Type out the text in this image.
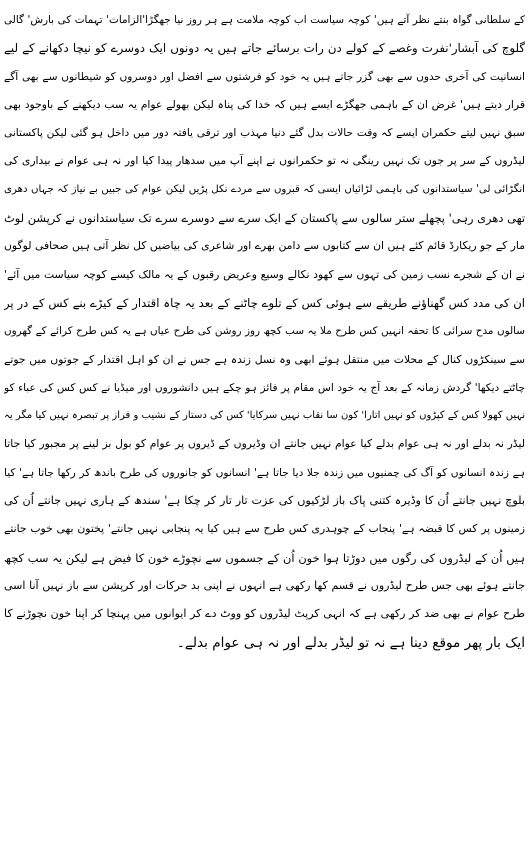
کے سلطانی گواہ بنتے نظر آتے ہیں' کوچہ سیاست اب کوچہ ملامت ہے ہر روز نیا جھگڑا'الزامات' تہمات کی بارش' گالی
گلوچ کی آبشار'نفرت وغصے کے کولے دن رات برسائے جاتے ہیں یہ دونوں ایک دوسرے کو نیچا دکھانے کے لیے
انسانیت کی آخری حدوں سے بھی گزر جاتے ہیں یہ خود کو فرشتوں سے افضل اور دوسروں کو شیطانوں سے بھی آگے
قرار دیتے ہیں' غرض ان کے باہمی جھگڑے ایسے ہیں کہ خدا کی پناہ لیکن بھولے عوام یہ سب دیکھنے کے باوجود بھی
سبق نہیں لیتے حکمران ایسے کہ وقت حالات بدل گئے دنیا مہذب اور ترقی یافتہ دور میں داخل ہو گئی لیکن پاکستانی
لیڈروں کے سر پر جوں تک نہیں رینگی نہ تو حکمرانوں نے اپنے آپ میں سدھار پیدا کیا اور نہ ہی عوام نے بیداری کی
انگڑائی لی' سیاستدانوں کی باہمی لڑائیاں ایسی کہ قبروں سے مردے نکل پڑیں لیکن عوام کی جبیں بے نیاز کہ جہاں دھری
تھی دھری رہی' پچھلے ستر سالوں سے پاکستان کے ایک سرے سے دوسرے سرے تک سیاستدانوں نے کرپشن لوٹ
مار کے جو ریکارڈ قائم کئے ہیں ان سے کتابوں سے دامن بھرے اور شاعری کی بیاضیں کل نظر آتی ہیں صحافی لوگوں
نے ان کے شجرے نسب زمین کی تہوں سے کھود نکالے وسیع وعریض رقبوں کے یہ مالک کیسے کوچہ سیاست میں آئے'
ان کی مدد کس گھناؤنے طریقے سے ہوئی کس کے تلوے چاٹنے کے بعد یہ چاہ اقتدار کے کیڑے بنے کس کے در پر
سالوں مدح سرائی کا تحفہ انہیں کس طرح ملا یہ سب کچھ روز روشن کی طرح عیاں ہے یہ کس طرح کرائے کے گھروں
سے سینکڑوں کنال کے محلات میں منتقل ہوئے ابھی وہ نسل زندہ ہے جس نے ان کو اہل اقتدار کے جوتوں میں جوتے
چاٹتے دیکھا' گردش زمانہ کے بعد آج یہ خود اس مقام پر فائز ہو چکے ہیں دانشوروں اور میڈیا نے کس کس کی عباء کو
نہیں کھولا کس کے کپڑوں کو نہیں اتارا' کون سا نقاب نہیں سرکایا' کس کی دستار کے نشیب و فراز پر تبصرہ نہیں کیا مگر یہ
لیڈر نہ بدلے اور نہ ہی عوام بدلے کیا عوام نہیں جانتے ان وڈیروں کے ڈیروں پر عوام کو بول بز لینے پر مجبور کیا جاتا
ہے زندہ انسانوں کو آگ کی چمنیوں میں زندہ جلا دیا جاتا ہے' انسانوں کو جانوروں کی طرح باندھ کر رکھا جاتا ہے' کیا
بلوچ نہیں جانتے اُن کا وڈیرہ کتنی پاک باز لڑکیوں کی عزت تار تار کر چکا ہے' سندھ کے ہاری نہیں جانتے اُن کی
زمینوں پر کس کا قبضہ ہے' پنجاب کے چوہدری کس طرح سے ہیں کیا یہ پنجابی نہیں جانتے' پختون بھی خوب جانتے
ہیں اُن کے لیڈروں کی رگوں میں دوڑتا ہوا خون اُن کے جسموں سے نچوڑے خون کا فیض ہے لیکن یہ سب کچھ
جانتے ہوئے بھی جس طرح لیڈروں نے قسم کھا رکھی ہے انہوں نے اپنی بد حرکات اور کرپشن سے باز نہیں آنا اسی
طرح عوام نے بھی ضد کر رکھی ہے کہ انہی کرپٹ لیڈروں کو ووٹ دے کر ایوانوں میں پہنچا کر اپنا خون نچوڑنے کا
ایک بار پھر موقع دینا ہے نہ تو لیڈر بدلے اور نہ ہی عوام بدلے۔
